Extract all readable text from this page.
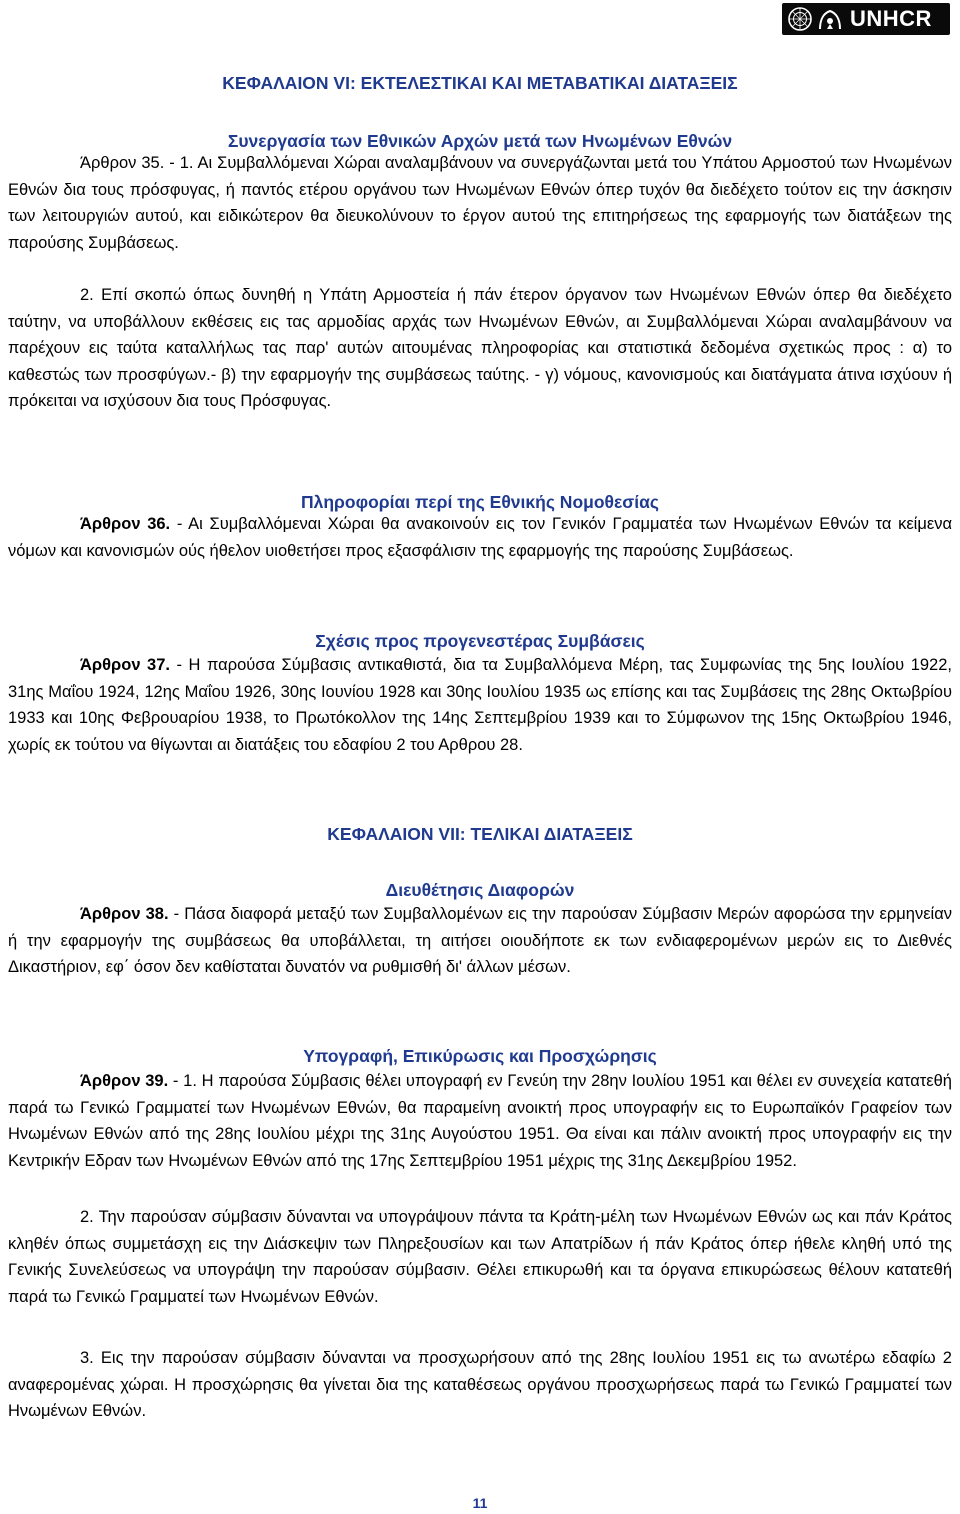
UNHCR
ΚΕΦΑΛΑΙΟΝ VI: ΕΚΤΕΛΕΣΤΙΚΑΙ ΚΑΙ ΜΕΤΑΒΑΤΙΚΑΙ ΔΙΑΤΑΞΕΙΣ
Συνεργασία των Εθνικών Αρχών μετά των Ηνωμένων Εθνών
Άρθρον 35. - 1. Αι Συμβαλλόμεναι Χώραι αναλαμβάνουν να συνεργάζωνται μετά του Υπάτου Αρμοστού των Ηνωμένων Εθνών δια τους πρόσφυγας, ή παντός ετέρου οργάνου των Ηνωμένων Εθνών όπερ τυχόν θα διεδέχετο τούτον εις την άσκησιν των λειτουργιών αυτού, και ειδικώτερον θα διευκολύνουν το έργον αυτού της επιτηρήσεως της εφαρμογής των διατάξεων της παρούσης Συμβάσεως.
2. Επί σκοπώ όπως δυνηθή η Υπάτη Αρμοστεία ή πάν έτερον όργανον των Ηνωμένων Εθνών όπερ θα διεδέχετο ταύτην, να υποβάλλουν εκθέσεις εις τας αρμοδίας αρχάς των Ηνωμένων Εθνών, αι Συμβαλλόμεναι Χώραι αναλαμβάνουν να παρέχουν εις ταύτα καταλλήλως τας παρ' αυτών αιτουμένας πληροφορίας και στατιστικά δεδομένα σχετικώς προς : α) το καθεστώς των προσφύγων.- β) την εφαρμογήν της συμβάσεως ταύτης. - γ) νόμους, κανονισμούς και διατάγματα άτινα ισχύουν ή πρόκειται να ισχύσουν δια τους Πρόσφυγας.
Πληροφορίαι περί της Εθνικής Νομοθεσίας
Άρθρον 36. - Αι Συμβαλλόμεναι Χώραι θα ανακοινούν εις τον Γενικόν Γραμματέα των Ηνωμένων Εθνών τα κείμενα νόμων και κανονισμών ούς ήθελον υιοθετήσει προς εξασφάλισιν της εφαρμογής της παρούσης Συμβάσεως.
Σχέσις προς προγενεστέρας Συμβάσεις
Άρθρον 37. - Η παρούσα Σύμβασις αντικαθιστά, δια τα Συμβαλλόμενα Μέρη, τας Συμφωνίας της 5ης Ιουλίου 1922, 31ης Μαΐου 1924, 12ης Μαΐου 1926, 30ης Ιουνίου 1928 και 30ης Ιουλίου 1935 ως επίσης και τας Συμβάσεις της 28ης Οκτωβρίου 1933 και 10ης Φεβρουαρίου 1938, το Πρωτόκολλον της 14ης Σεπτεμβρίου 1939 και το Σύμφωνον της 15ης Οκτωβρίου 1946, χωρίς εκ τούτου να θίγωνται αι διατάξεις του εδαφίου 2 του Αρθρου 28.
ΚΕΦΑΛΑΙΟΝ VII: ΤΕΛΙΚΑΙ ΔΙΑΤΑΞΕΙΣ
Διευθέτησις Διαφορών
Άρθρον 38. - Πάσα διαφορά μεταξύ των Συμβαλλομένων εις την παρούσαν Σύμβασιν Μερών αφορώσα την ερμηνείαν ή την εφαρμογήν της συμβάσεως θα υποβάλλεται, τη αιτήσει οιουδήποτε εκ των ενδιαφερομένων μερών εις το Διεθνές Δικαστήριον, εφ΄ όσον δεν καθίσταται δυνατόν να ρυθμισθή δι' άλλων μέσων.
Υπογραφή, Επικύρωσις και Προσχώρησις
Άρθρον 39. - 1. Η παρούσα Σύμβασις θέλει υπογραφή εν Γενεύη την 28ην Ιουλίου 1951 και θέλει εν συνεχεία κατατεθή παρά τω Γενικώ Γραμματεί των Ηνωμένων Εθνών, θα παραμείνη ανοικτή προς υπογραφήν εις το Ευρωπαϊκόν Γραφείον των Ηνωμένων Εθνών από της 28ης Ιουλίου μέχρι της 31ης Αυγούστου 1951. Θα είναι και πάλιν ανοικτή προς υπογραφήν εις την Κεντρικήν Εδραν των Ηνωμένων Εθνών από της 17ης Σεπτεμβρίου 1951 μέχρις της 31ης Δεκεμβρίου 1952.
2. Την παρούσαν σύμβασιν δύνανται να υπογράψουν πάντα τα Κράτη-μέλη των Ηνωμένων Εθνών ως και πάν Κράτος κληθέν όπως συμμετάσχη εις την Διάσκεψιν των Πληρεξουσίων και των Απατρίδων ή πάν Κράτος όπερ ήθελε κληθή υπό της Γενικής Συνελεύσεως να υπογράψη την παρούσαν σύμβασιν. Θέλει επικυρωθή και τα όργανα επικυρώσεως θέλουν κατατεθή παρά τω Γενικώ Γραμματεί των Ηνωμένων Εθνών.
3. Εις την παρούσαν σύμβασιν δύνανται να προσχωρήσουν από της 28ης Ιουλίου 1951 εις τω ανωτέρω εδαφίω 2 αναφερομένας χώραι. Η προσχώρησις θα γίνεται δια της καταθέσεως οργάνου προσχωρήσεως παρά τω Γενικώ Γραμματεί των Ηνωμένων Εθνών.
11
